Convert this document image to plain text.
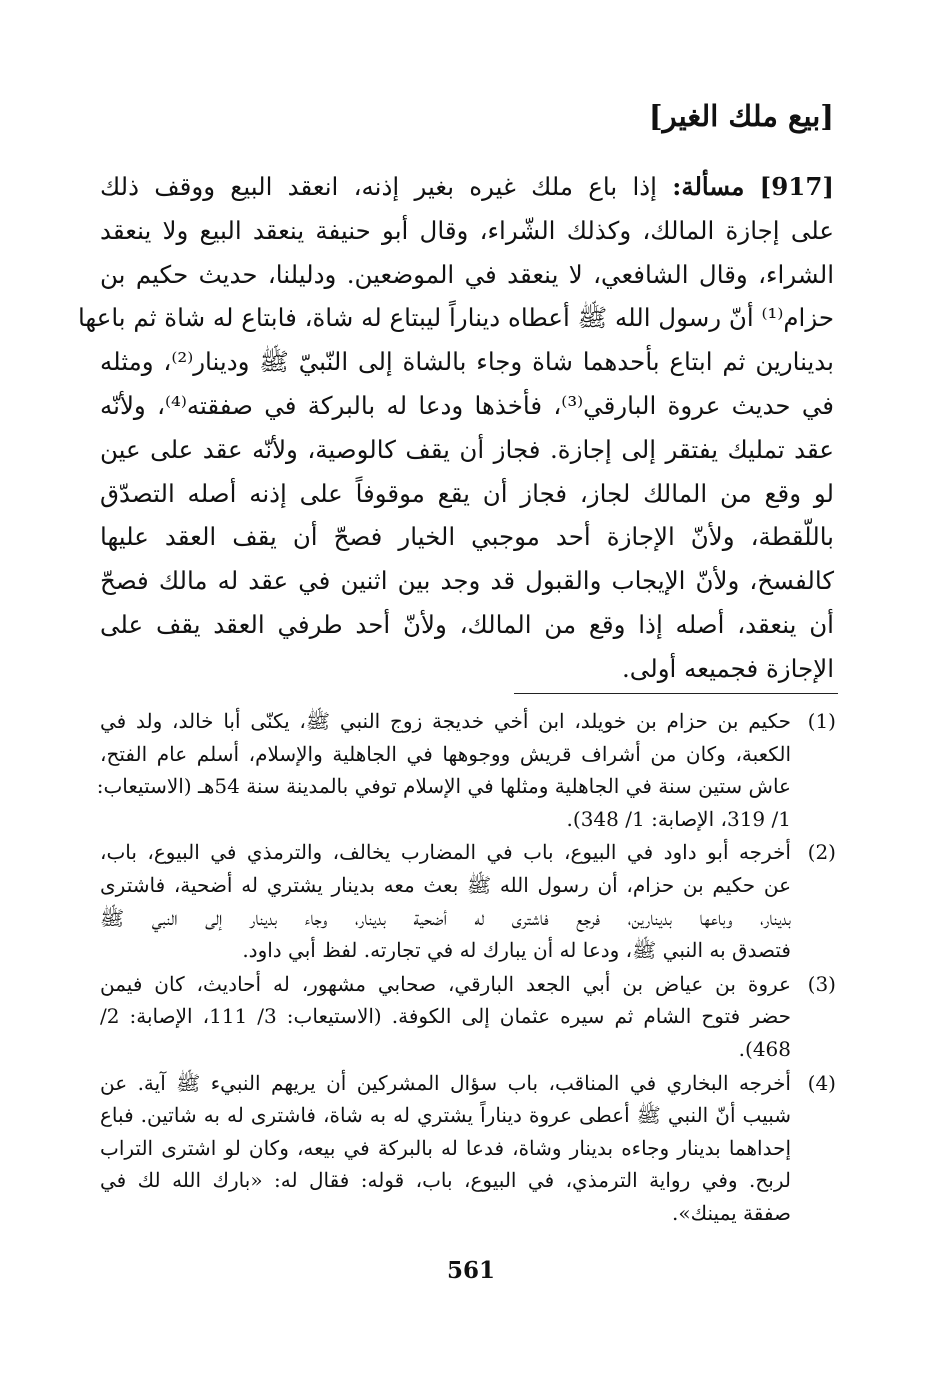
[بيع ملك الغير]
[917] مسألة: إذا باع ملك غيره بغير إذنه، انعقد البيع ووقف ذلك
على إجازة المالك، وكذلك الشّراء، وقال أبو حنيفة ينعقد البيع ولا ينعقد
الشراء، وقال الشافعي، لا ينعقد في الموضعين. ودليلنا، حديث حكيم بن
حزام⁽¹⁾ أنّ رسول الله ﷺ أعطاه ديناراً ليبتاع له شاة، فابتاع له شاة ثم باعها
بدينارين ثم ابتاع بأحدهما شاة وجاء بالشاة إلى النّبيّ ﷺ ودينار⁽²⁾، ومثله
في حديث عروة البارقي⁽³⁾، فأخذها ودعا له بالبركة في صفقته⁽⁴⁾، ولأنّه
عقد تمليك يفتقر إلى إجازة. فجاز أن يقف كالوصية، ولأنّه عقد على عين
لو وقع من المالك لجاز، فجاز أن يقع موقوفاً على إذنه أصله التصدّق
باللّقطة، ولأنّ الإجازة أحد موجبي الخيار فصحّ أن يقف العقد عليها
كالفسخ، ولأنّ الإيجاب والقبول قد وجد بين اثنين في عقد له مالك فصحّ
أن ينعقد، أصله إذا وقع من المالك، ولأنّ أحد طرفي العقد يقف على
الإجازة فجميعه أولى.
(1)
حكيم بن حزام بن خويلد، ابن أخي خديجة زوج النبي ﷺ، يكنّى أبا خالد، ولد في
الكعبة، وكان من أشراف قريش ووجوهها في الجاهلية والإسلام، أسلم عام الفتح،
عاش ستين سنة في الجاهلية ومثلها في الإسلام توفي بالمدينة سنة 54هـ (الاستيعاب:
1/ 319، الإصابة: 1/ 348).
(2)
أخرجه أبو داود في البيوع، باب في المضارب يخالف، والترمذي في البيوع، باب،
عن حكيم بن حزام، أن رسول الله ﷺ بعث معه بدينار يشتري له أضحية، فاشترى
بدينار، وباعها بدينارين، فرجع فاشترى له أضحية بدينار، وجاء بدينار إلى النبي ﷺ
فتصدق به النبي ﷺ، ودعا له أن يبارك له في تجارته. لفظ أبي داود.
(3)
عروة بن عياض بن أبي الجعد البارقي، صحابي مشهور، له أحاديث، كان فيمن
حضر فتوح الشام ثم سيره عثمان إلى الكوفة. (الاستيعاب: 3/ 111، الإصابة: 2/
468).
(4)
أخرجه البخاري في المناقب، باب سؤال المشركين أن يريهم النبيء ﷺ آية. عن
شبيب أنّ النبي ﷺ أعطى عروة ديناراً يشتري له به شاة، فاشترى له به شاتين. فباع
إحداهما بدينار وجاءه بدينار وشاة، فدعا له بالبركة في بيعه، وكان لو اشترى التراب
لربح. وفي رواية الترمذي، في البيوع، باب، قوله: فقال له: «بارك الله لك في
صفقة يمينك».
561
